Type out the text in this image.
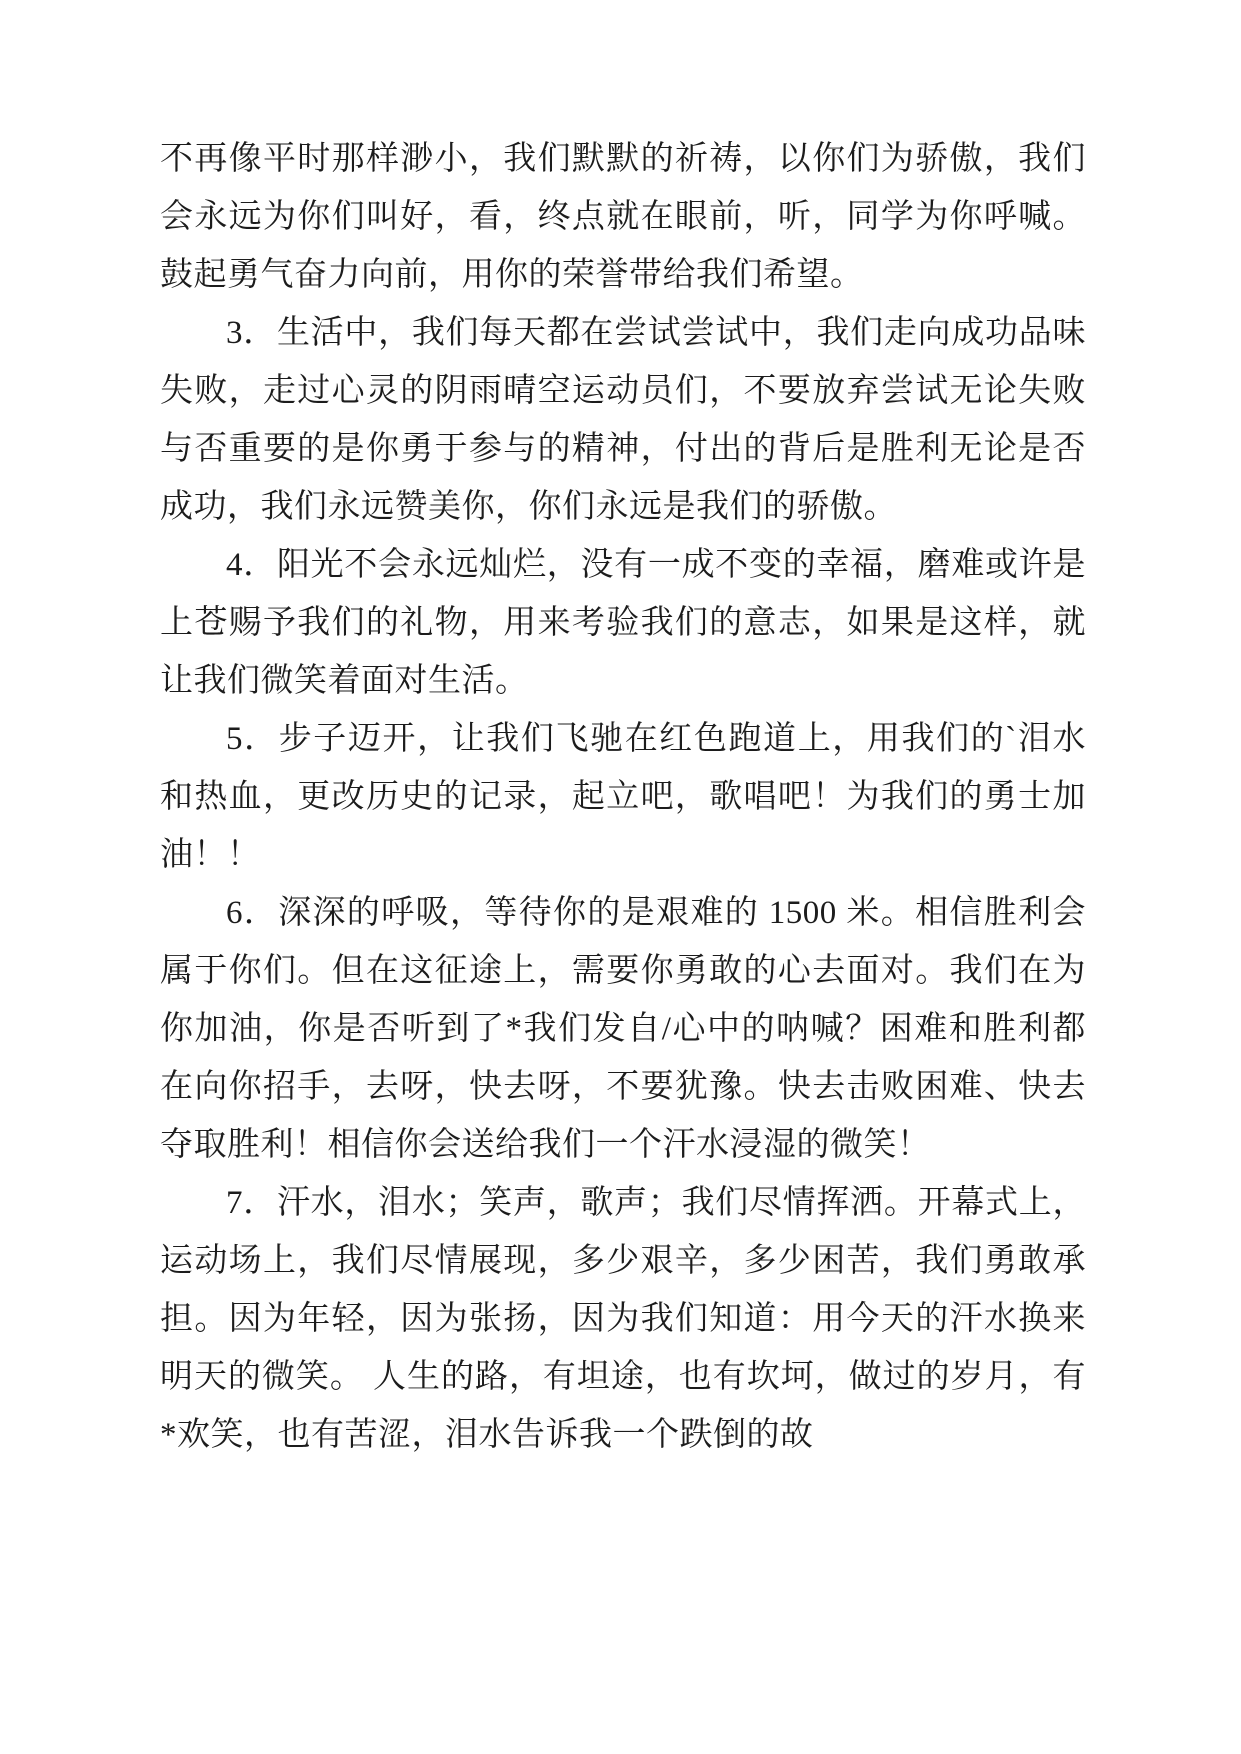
不再像平时那样渺小，我们默默的祈祷，以你们为骄傲，我们会永远为你们叫好，看，终点就在眼前，听，同学为你呼喊。鼓起勇气奋力向前，用你的荣誉带给我们希望。

3．生活中，我们每天都在尝试尝试中，我们走向成功品味失败，走过心灵的阴雨晴空运动员们，不要放弃尝试无论失败与否重要的是你勇于参与的精神，付出的背后是胜利无论是否成功，我们永远赞美你，你们永远是我们的骄傲。

4．阳光不会永远灿烂，没有一成不变的幸福，磨难或许是上苍赐予我们的礼物，用来考验我们的意志，如果是这样，就让我们微笑着面对生活。

5．步子迈开，让我们飞驰在红色跑道上，用我们的`泪水和热血，更改历史的记录，起立吧，歌唱吧！为我们的勇士加油！！

6．深深的呼吸，等待你的是艰难的 1500 米。相信胜利会属于你们。但在这征途上，需要你勇敢的心去面对。我们在为你加油，你是否听到了*我们发自/心中的呐喊？困难和胜利都在向你招手，去呀，快去呀，不要犹豫。快去击败困难、快去夺取胜利！相信你会送给我们一个汗水浸湿的微笑！

7．汗水，泪水；笑声，歌声；我们尽情挥洒。开幕式上，运动场上，我们尽情展现，多少艰辛，多少困苦，我们勇敢承担。因为年轻，因为张扬，因为我们知道：用今天的汗水换来明天的微笑。 人生的路，有坦途，也有坎坷，做过的岁月，有*欢笑，也有苦涩，泪水告诉我一个跌倒的故
